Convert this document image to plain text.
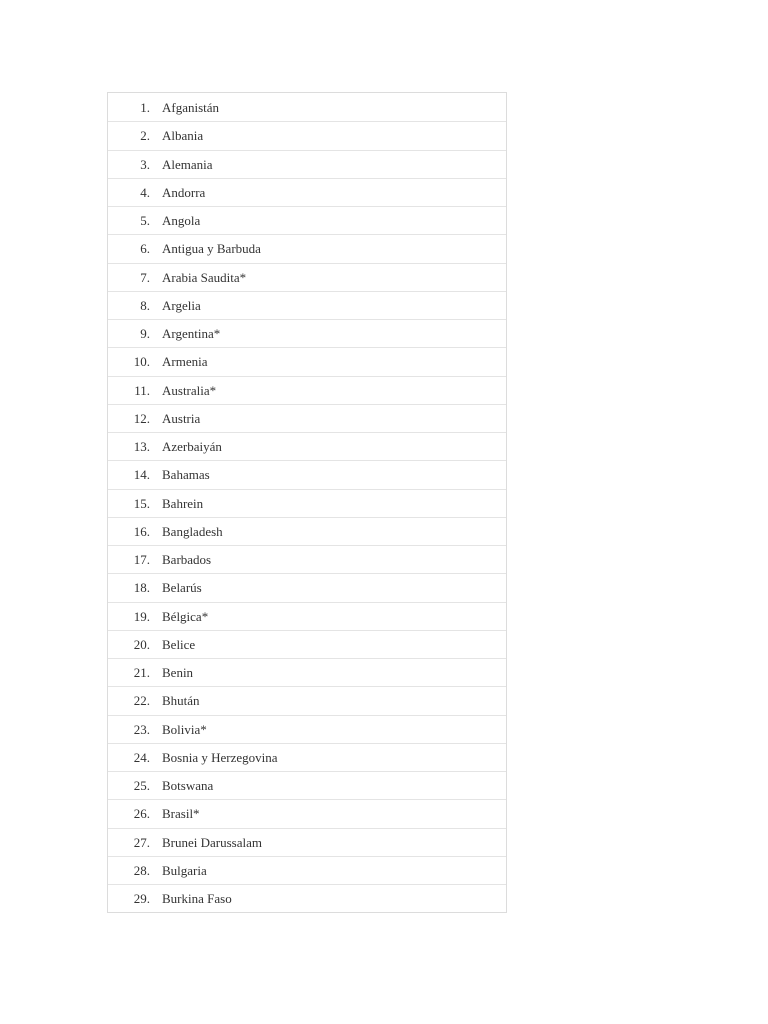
1. Afganistán
2. Albania
3. Alemania
4. Andorra
5. Angola
6. Antigua y Barbuda
7. Arabia Saudita*
8. Argelia
9. Argentina*
10. Armenia
11. Australia*
12. Austria
13. Azerbaiyán
14. Bahamas
15. Bahrein
16. Bangladesh
17. Barbados
18. Belarús
19. Bélgica*
20. Belice
21. Benin
22. Bhután
23. Bolivia*
24. Bosnia y Herzegovina
25. Botswana
26. Brasil*
27. Brunei Darussalam
28. Bulgaria
29. Burkina Faso
